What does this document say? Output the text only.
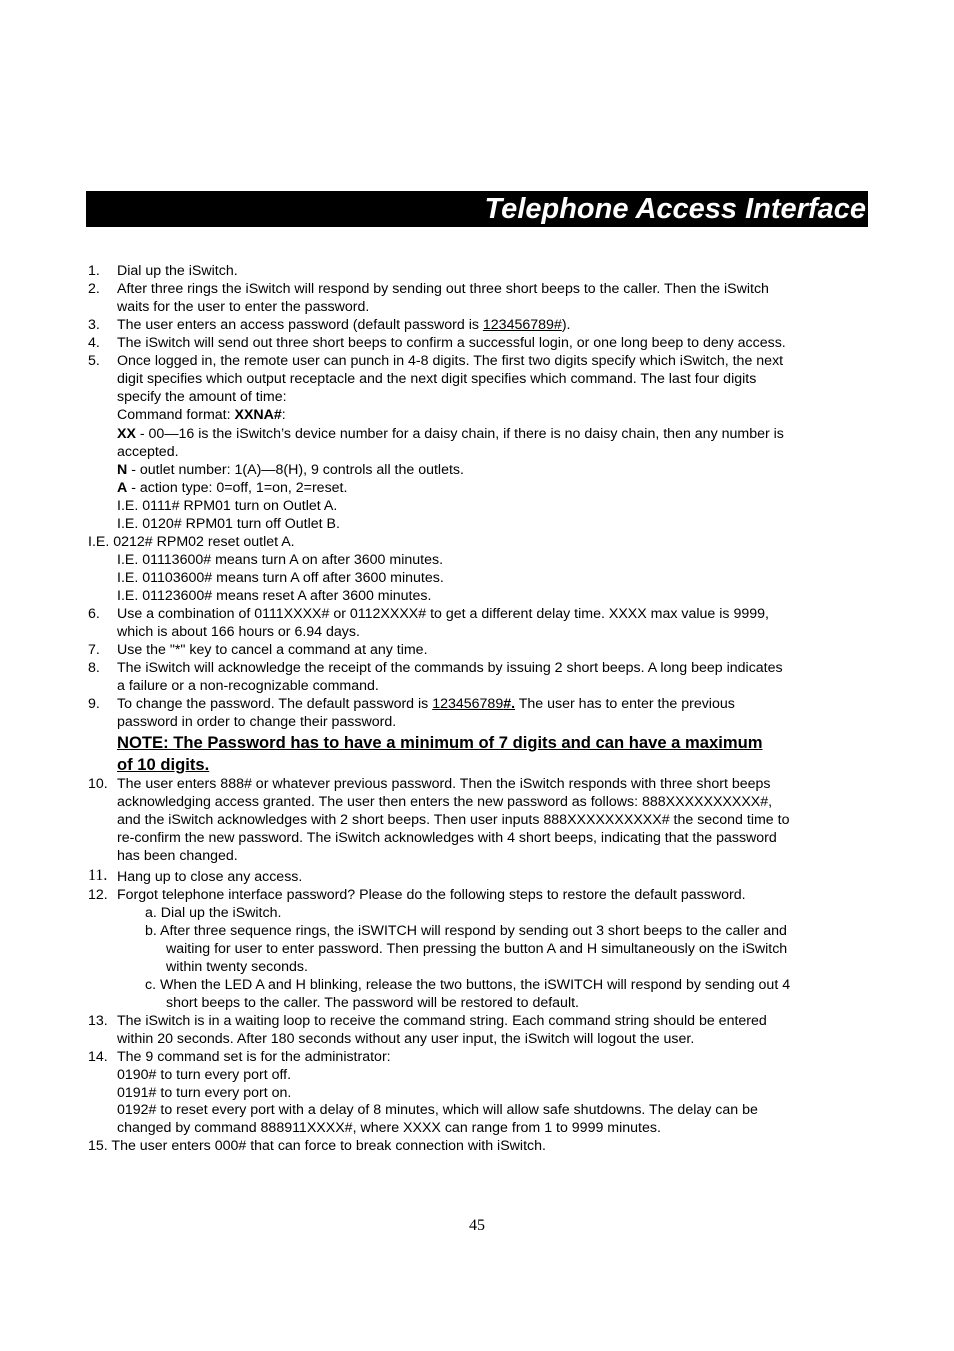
Telephone Access Interface
1. Dial up the iSwitch.
2. After three rings the iSwitch will respond by sending out three short beeps to the caller. Then the iSwitch
waits for the user to enter the password.
3. The user enters an access password (default password is 123456789#).
4. The iSwitch will send out three short beeps to confirm a successful login, or one long beep to deny access.
5. Once logged in, the remote user can punch in 4-8 digits. The first two digits specify which iSwitch, the next
digit specifies which output receptacle and the next digit specifies which command. The last four digits
specify the amount of time:
Command format: XXNA#:
XX - 00—16 is the iSwitch’s device number for a daisy chain, if there is no daisy chain, then any number is
accepted.
N - outlet number: 1(A)—8(H), 9 controls all the outlets.
A - action type: 0=off, 1=on, 2=reset.
I.E. 0111# RPM01 turn on Outlet A.
I.E. 0120# RPM01 turn off Outlet B.
I.E. 0212# RPM02 reset outlet A.
I.E. 01113600# means turn A on after 3600 minutes.
I.E. 01103600# means turn A off after 3600 minutes.
I.E. 01123600# means reset A after 3600 minutes.
6. Use a combination of 0111XXXX# or 0112XXXX# to get a different delay time. XXXX max value is 9999,
which is about 166 hours or 6.94 days.
7. Use the "*" key to cancel a command at any time.
8. The iSwitch will acknowledge the receipt of the commands by issuing 2 short beeps. A long beep indicates
a failure or a non-recognizable command.
9. To change the password. The default password is 123456789#. The user has to enter the previous
password in order to change their password.
NOTE: The Password has to have a minimum of 7 digits and can have a maximum
of 10 digits.
10. The user enters 888# or whatever previous password. Then the iSwitch responds with three short beeps
acknowledging access granted. The user then enters the new password as follows: 888XXXXXXXXXX#,
and the iSwitch acknowledges with 2 short beeps. Then user inputs 888XXXXXXXXXX# the second time to
re-confirm the new password. The iSwitch acknowledges with 4 short beeps, indicating that the password
has been changed.
11. Hang up to close any access.
12. Forgot telephone interface password? Please do the following steps to restore the default password.
a. Dial up the iSwitch.
b. After three sequence rings, the iSWITCH will respond by sending out 3 short beeps to the caller and
waiting for user to enter password. Then pressing the button A and H simultaneously on the iSwitch
within twenty seconds.
c. When the LED A and H blinking, release the two buttons, the iSWITCH will respond by sending out 4
short beeps to the caller. The password will be restored to default.
13. The iSwitch is in a waiting loop to receive the command string. Each command string should be entered
within 20 seconds. After 180 seconds without any user input, the iSwitch will logout the user.
14. The 9 command set is for the administrator:
0190# to turn every port off.
0191# to turn every port on.
0192# to reset every port with a delay of 8 minutes, which will allow safe shutdowns. The delay can be
changed by command 888911XXXX#, where XXXX can range from 1 to 9999 minutes.
15. The user enters 000# that can force to break connection with iSwitch.
45
